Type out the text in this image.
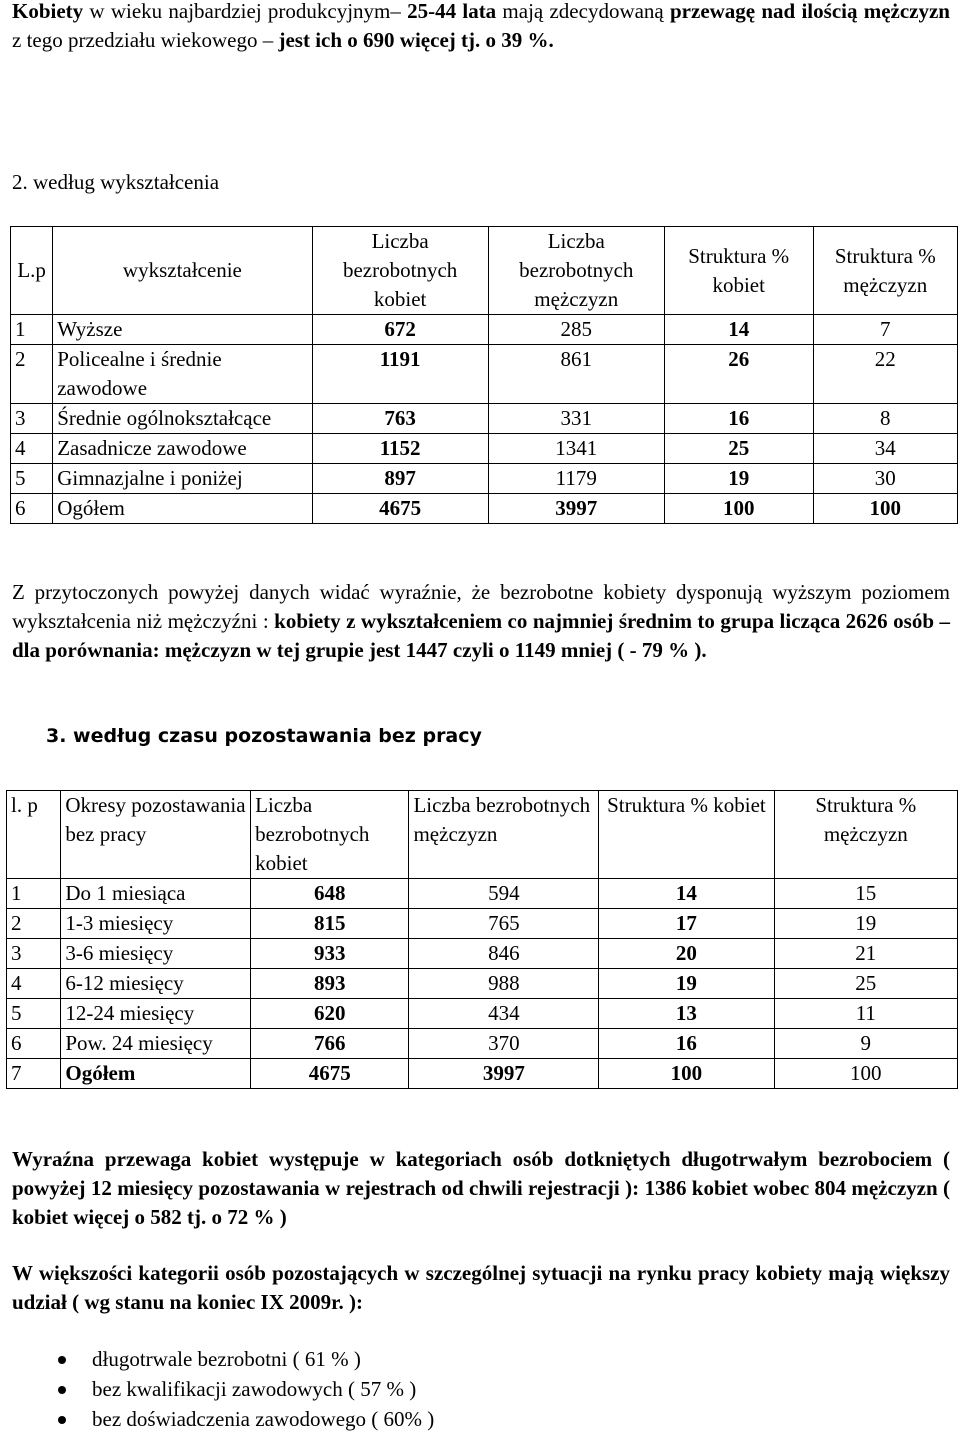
Kobiety w wieku najbardziej produkcyjnym– 25-44 lata mają zdecydowaną przewagę nad ilością mężczyzn z tego przedziału wiekowego – jest ich o 690 więcej tj. o 39 %.

2. według wykształcenia

L.p	wykształcenie	Liczba bezrobotnych kobiet	Liczba bezrobotnych mężczyzn	Struktura % kobiet	Struktura % mężczyzn
1	Wyższe	672	285	14	7
2	Policealne i średnie zawodowe	1191	861	26	22
3	Średnie ogólnokształcące	763	331	16	8
4	Zasadnicze zawodowe	1152	1341	25	34
5	Gimnazjalne i poniżej	897	1179	19	30
6	Ogółem	4675	3997	100	100

Z przytoczonych powyżej danych widać wyraźnie, że bezrobotne kobiety dysponują wyższym poziomem wykształcenia niż mężczyźni : kobiety z wykształceniem co najmniej średnim to grupa licząca 2626 osób – dla porównania: mężczyzn w tej grupie jest 1447 czyli o 1149 mniej ( - 79 % ).

3. według czasu pozostawania bez pracy

l. p	Okresy pozostawania bez pracy	Liczba bezrobotnych kobiet	Liczba bezrobotnych mężczyzn	Struktura % kobiet	Struktura % mężczyzn
1	Do 1 miesiąca	648	594	14	15
2	1-3 miesięcy	815	765	17	19
3	3-6 miesięcy	933	846	20	21
4	6-12 miesięcy	893	988	19	25
5	12-24 miesięcy	620	434	13	11
6	Pow. 24 miesięcy	766	370	16	9
7	Ogółem	4675	3997	100	100

Wyraźna przewaga kobiet występuje w kategoriach osób dotkniętych długotrwałym bezrobociem ( powyżej 12 miesięcy pozostawania w rejestrach od chwili rejestracji ): 1386 kobiet wobec 804 mężczyzn ( kobiet więcej o 582 tj. o 72 % )

W większości kategorii osób pozostających w szczególnej sytuacji na rynku pracy kobiety mają większy udział ( wg stanu na koniec IX 2009r. ):

długotrwale bezrobotni ( 61 % )
bez kwalifikacji zawodowych ( 57 % )
bez doświadczenia zawodowego ( 60% )
